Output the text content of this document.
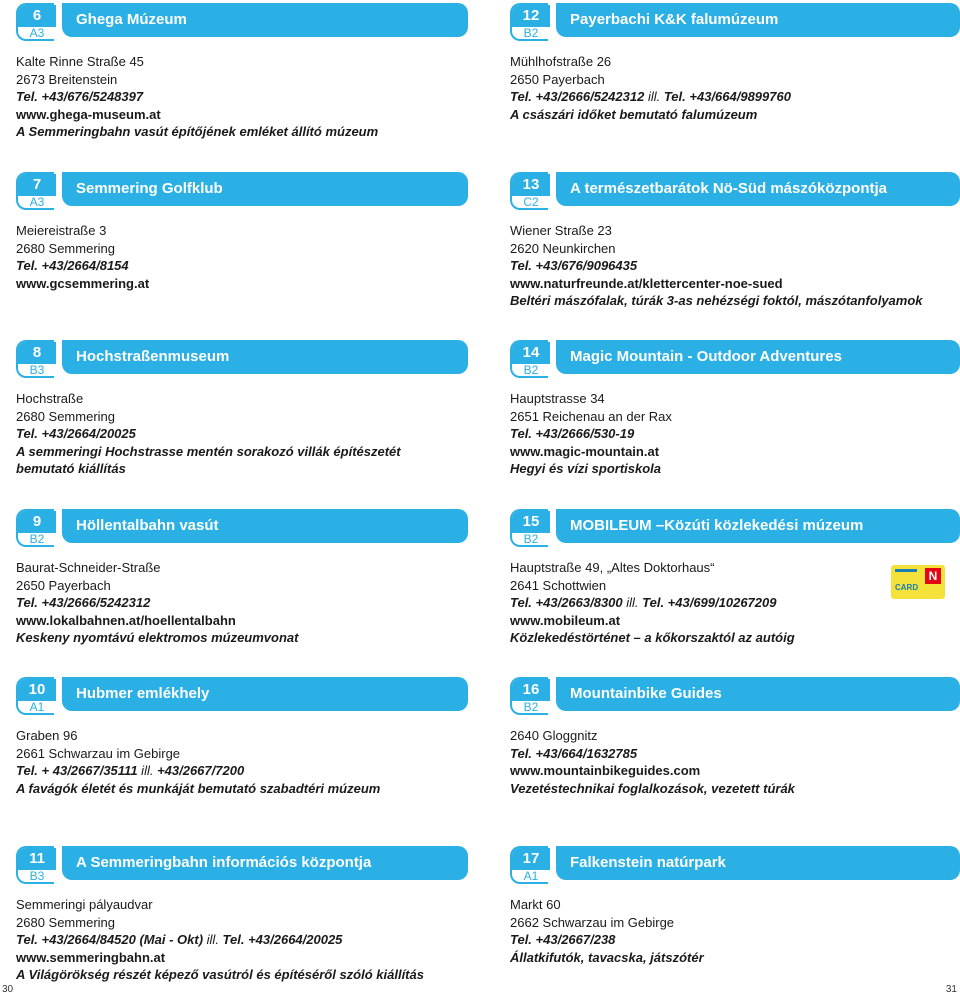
6
A3
Ghega Múzeum
Kalte Rinne Straße 45
2673 Breitenstein
Tel. +43/676/5248397
www.ghega-museum.at
A Semmeringbahn vasút építőjének emléket állító múzeum
12
B2
Payerbachi K&K falumúzeum
Mühlhofstraße 26
2650 Payerbach
Tel. +43/2666/5242312 ill. Tel. +43/664/9899760
A császári időket bemutató falumúzeum
7
A3
Semmering Golfklub
Meiereistraße 3
2680 Semmering
Tel. +43/2664/8154
www.gcsemmering.at
13
C2
A természetbarátok Nö-Süd mászóközpontja
Wiener Straße 23
2620 Neunkirchen
Tel. +43/676/9096435
www.naturfreunde.at/klettercenter-noe-sued
Beltéri mászófalak, túrák 3-as nehézségi foktól, mászótanfolyamok
8
B3
Hochstraßenmuseum
Hochstraße
2680 Semmering
Tel. +43/2664/20025
A semmeringi Hochstrasse mentén sorakozó villák építészetét
bemutató kiállítás
14
B2
Magic Mountain - Outdoor Adventures
Hauptstrasse 34
2651 Reichenau an der Rax
Tel. +43/2666/530-19
www.magic-mountain.at
Hegyi és vízi sportiskola
9
B2
Höllentalbahn vasút
Baurat-Schneider-Straße
2650 Payerbach
Tel. +43/2666/5242312
www.lokalbahnen.at/hoellentalbahn
Keskeny nyomtávú elektromos múzeumvonat
15
B2
MOBILEUM –Közúti közlekedési múzeum
Hauptstraße 49, „Altes Doktorhaus“
2641 Schottwien
Tel. +43/2663/8300 ill. Tel. +43/699/10267209
www.mobileum.at
Közlekedéstörténet – a kőkorszaktól az autóig
10
A1
Hubmer emlékhely
Graben 96
2661 Schwarzau im Gebirge
Tel. + 43/2667/35111 ill. +43/2667/7200
A favágók életét és munkáját bemutató szabadtéri múzeum
16
B2
Mountainbike Guides
2640 Gloggnitz
Tel. +43/664/1632785
www.mountainbikeguides.com
Vezetéstechnikai foglalkozások, vezetett túrák
11
B3
A Semmeringbahn információs központja
Semmeringi pályaudvar
2680 Semmering
Tel. +43/2664/84520 (Mai - Okt) ill. Tel. +43/2664/20025
www.semmeringbahn.at
A Világörökség részét képező vasútról és építéséről szóló kiállítás
17
A1
Falkenstein natúrpark
Markt 60
2662 Schwarzau im Gebirge
Tel. +43/2667/238
Állatkifutók, tavacska, játszótér
N
CARD
30	31
